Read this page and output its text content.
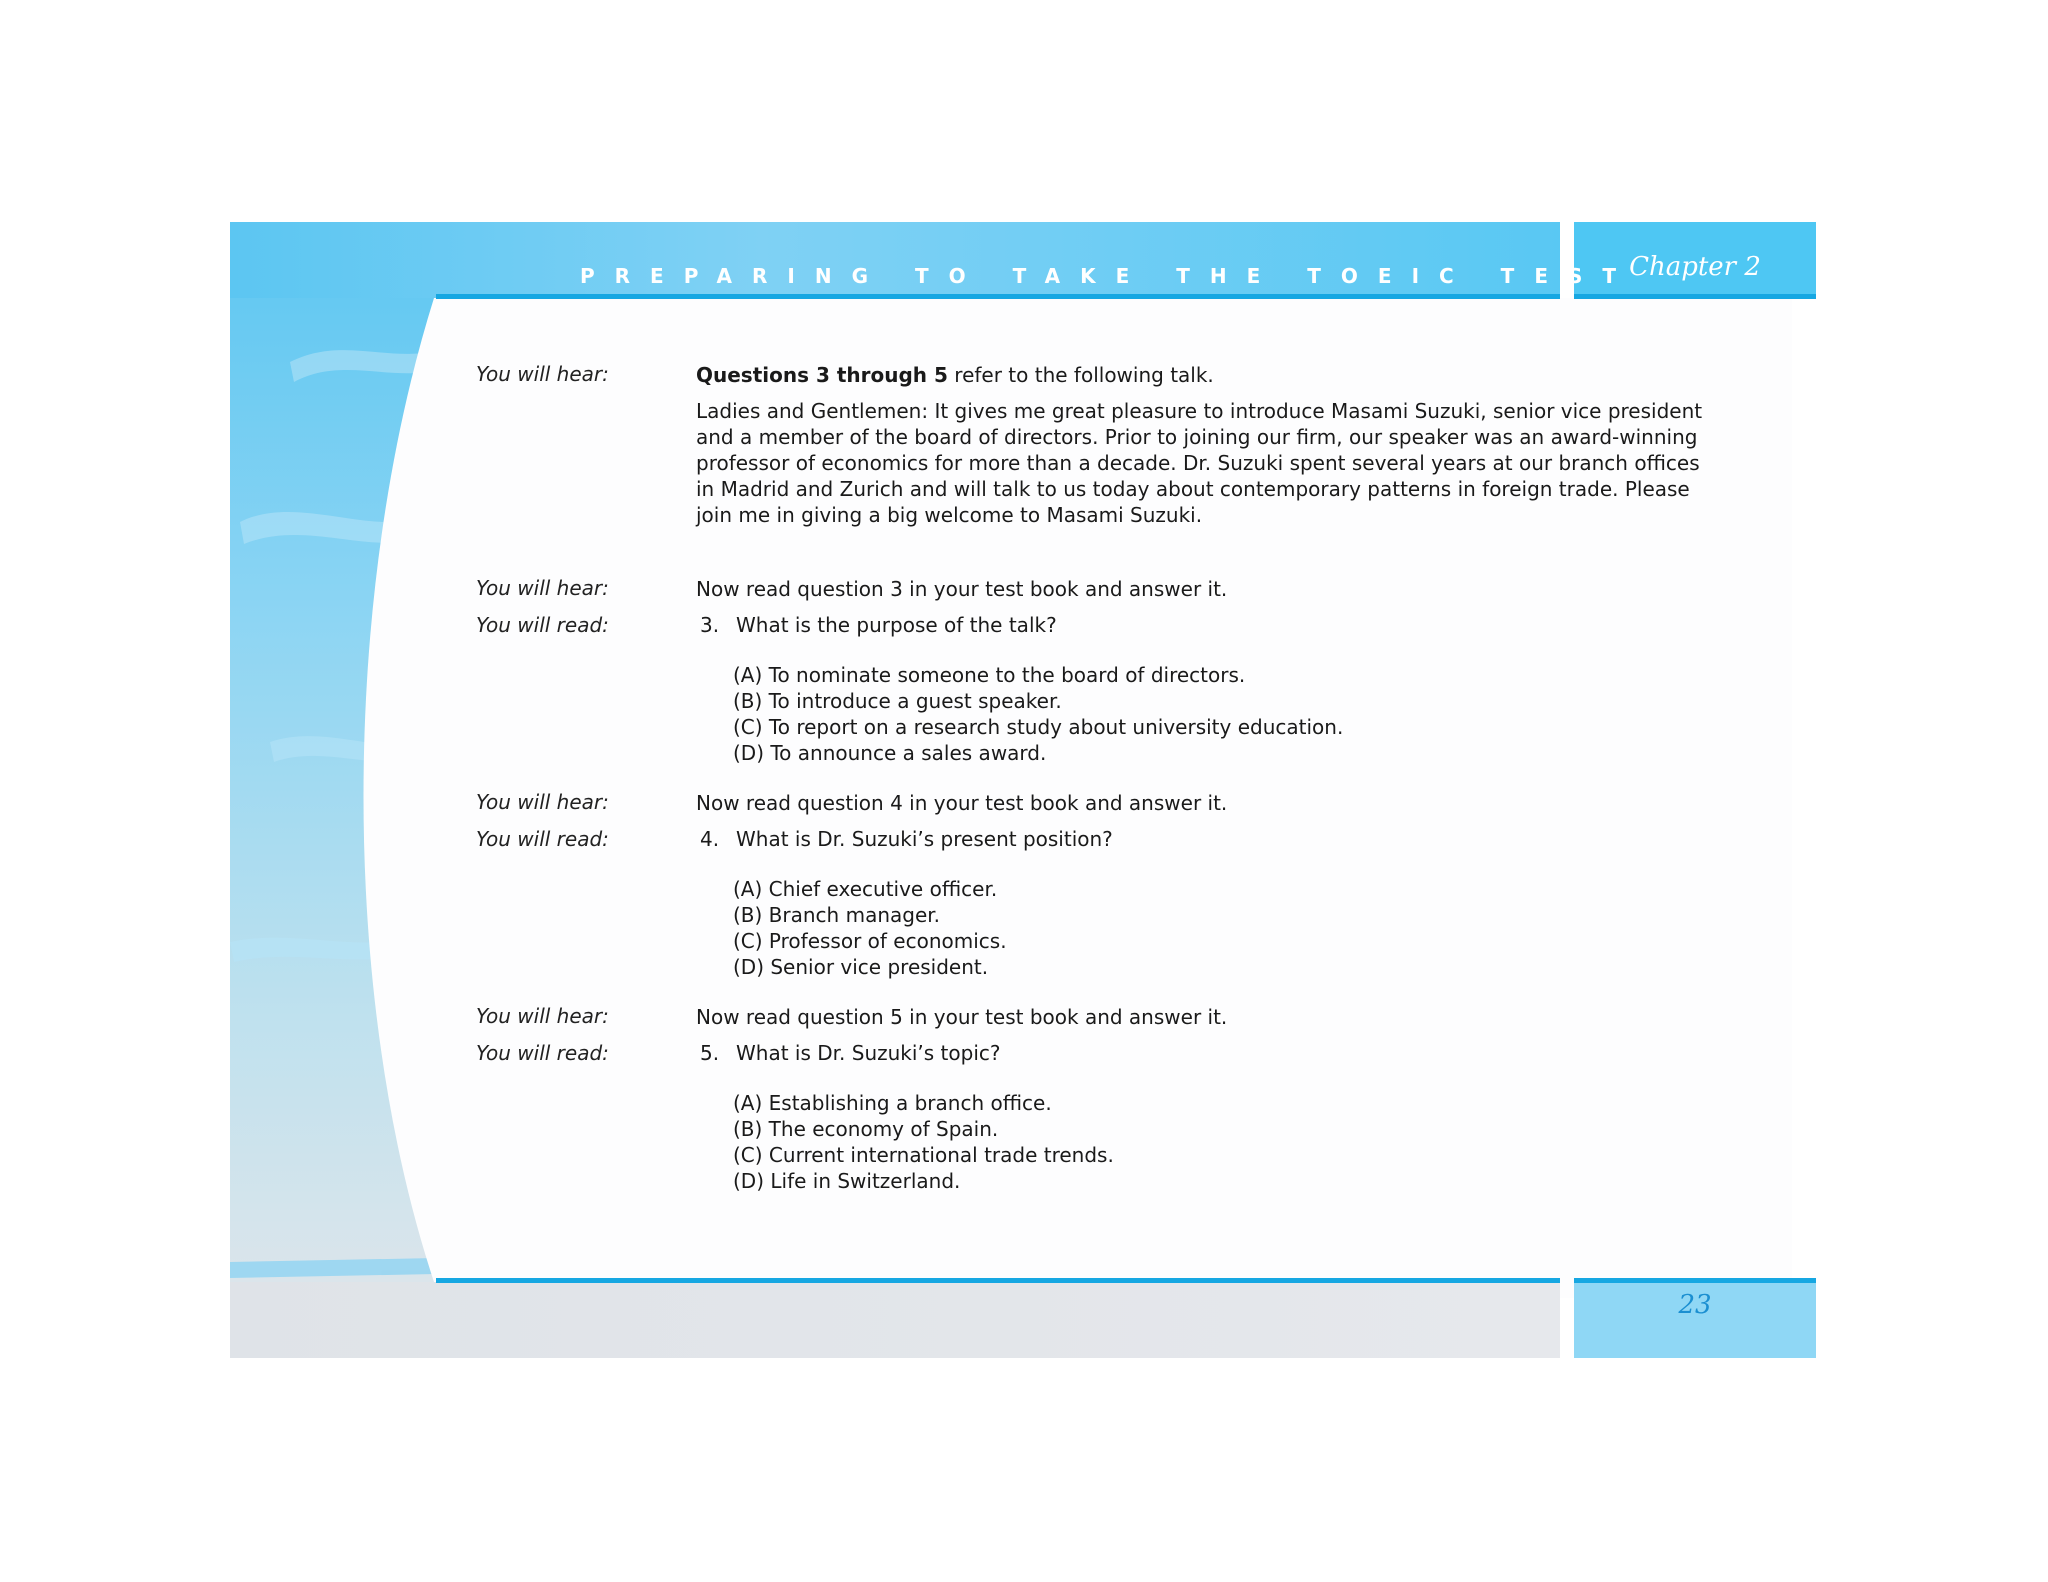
PREPARING TO TAKE THE TOEIC TEST
Chapter 2
23
You will hear:	Questions 3 through 5 refer to the following talk.
Ladies and Gentlemen: It gives me great pleasure to introduce Masami Suzuki, senior vice president and a member of the board of directors. Prior to joining our firm, our speaker was an award-winning professor of economics for more than a decade. Dr. Suzuki spent several years at our branch offices in Madrid and Zurich and will talk to us today about contemporary patterns in foreign trade. Please join me in giving a big welcome to Masami Suzuki.
You will hear:	Now read question 3 in your test book and answer it.
You will read:	3. What is the purpose of the talk?
(A) To nominate someone to the board of directors.
(B) To introduce a guest speaker.
(C) To report on a research study about university education.
(D) To announce a sales award.
You will hear:	Now read question 4 in your test book and answer it.
You will read:	4. What is Dr. Suzuki’s present position?
(A) Chief executive officer.
(B) Branch manager.
(C) Professor of economics.
(D) Senior vice president.
You will hear:	Now read question 5 in your test book and answer it.
You will read:	5. What is Dr. Suzuki’s topic?
(A) Establishing a branch office.
(B) The economy of Spain.
(C) Current international trade trends.
(D) Life in Switzerland.
